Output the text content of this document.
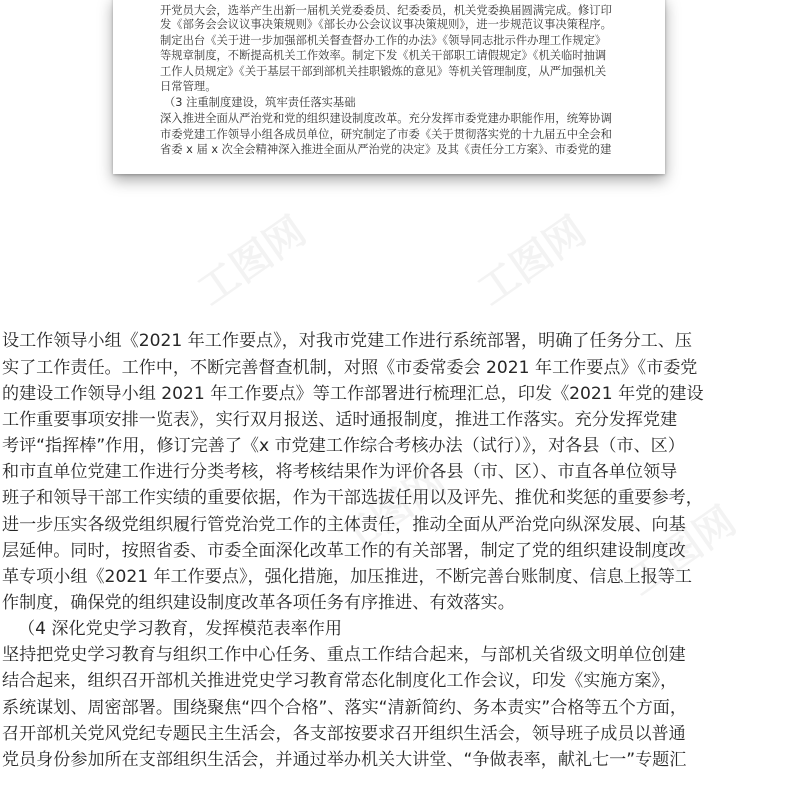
工图网	工图网
工图网	工图网
开党员大会，选举产生出新一届机关党委委员、纪委委员，机关党委换届圆满完成。修订印
发《部务会会议议事决策规则》《部长办公会议议事决策规则》，进一步规范议事决策程序。
制定出台《关于进一步加强部机关督查督办工作的办法》《领导同志批示件办理工作规定》
等规章制度，不断提高机关工作效率。制定下发《机关干部职工请假规定》《机关临时抽调
工作人员规定》《关于基层干部到部机关挂职锻炼的意见》等机关管理制度，从严加强机关
日常管理。
（3 注重制度建设，筑牢责任落实基础
深入推进全面从严治党和党的组织建设制度改革。充分发挥市委党建办职能作用，统筹协调
市委党建工作领导小组各成员单位，研究制定了市委《关于贯彻落实党的十九届五中全会和
省委 x 届 x 次全会精神深入推进全面从严治党的决定》及其《责任分工方案》、市委党的建
设工作领导小组《2021 年工作要点》，对我市党建工作进行系统部署，明确了任务分工、压
实了工作责任。工作中，不断完善督查机制，对照《市委常委会 2021 年工作要点》《市委党
的建设工作领导小组 2021 年工作要点》等工作部署进行梳理汇总，印发《2021 年党的建设
工作重要事项安排一览表》，实行双月报送、适时通报制度，推进工作落实。充分发挥党建
考评“指挥棒”作用，修订完善了《x 市党建工作综合考核办法（试行）》，对各县（市、区）
和市直单位党建工作进行分类考核，将考核结果作为评价各县（市、区）、市直各单位领导
班子和领导干部工作实绩的重要依据，作为干部选拔任用以及评先、推优和奖惩的重要参考，
进一步压实各级党组织履行管党治党工作的主体责任，推动全面从严治党向纵深发展、向基
层延伸。同时，按照省委、市委全面深化改革工作的有关部署，制定了党的组织建设制度改
革专项小组《2021 年工作要点》，强化措施，加压推进，不断完善台账制度、信息上报等工
作制度，确保党的组织建设制度改革各项任务有序推进、有效落实。
（4 深化党史学习教育，发挥模范表率作用
坚持把党史学习教育与组织工作中心任务、重点工作结合起来，与部机关省级文明单位创建
结合起来，组织召开部机关推进党史学习教育常态化制度化工作会议，印发《实施方案》，
系统谋划、周密部署。围绕聚焦“四个合格”、落实“清新简约、务本责实”合格等五个方面，
召开部机关党风党纪专题民主生活会，各支部按要求召开组织生活会，领导班子成员以普通
党员身份参加所在支部组织生活会，并通过举办机关大讲堂、“争做表率，献礼七一”专题汇
